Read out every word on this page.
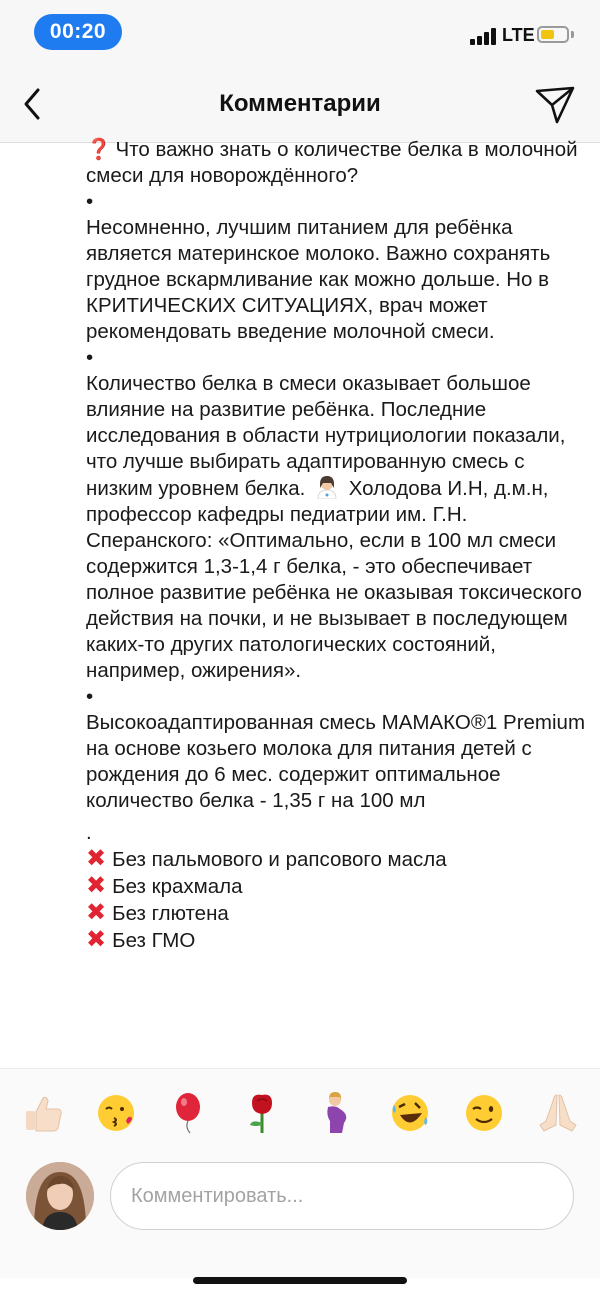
00:20	LTE
Комментарии

❓ Что важно знать о количестве белка в молочной смеси для новорождённого?

•

Несомненно, лучшим питанием для ребёнка является материнское молоко. Важно сохранять грудное вскармливание как можно дольше. Но в КРИТИЧЕСКИХ СИТУАЦИЯХ, врач может рекомендовать введение молочной смеси.

•

Количество белка в смеси оказывает большое влияние на развитие ребёнка. Последние исследования в области нутрициологии показали, что лучше выбирать адаптированную смесь с низким уровнем белка. Холодова И.Н, д.м.н, профессор кафедры педиатрии им. Г.Н. Сперанского: «Оптимально, если в 100 мл смеси содержится 1,3-1,4 г белка, - это обеспечивает полное развитие ребёнка не оказывая токсического действия на почки, и не вызывает в последующем каких-то других патологических состояний, например, ожирения».

•

Высокоадаптированная смесь МАМАКО®1 Premium на основе козьего молока для питания детей с рождения до 6 мес. содержит оптимальное количество белка - 1,35 г на 100 мл

.

✖ Без пальмового и рапсового масла

✖ Без крахмала

✖ Без глютена

✖ Без ГМО

Комментировать...
